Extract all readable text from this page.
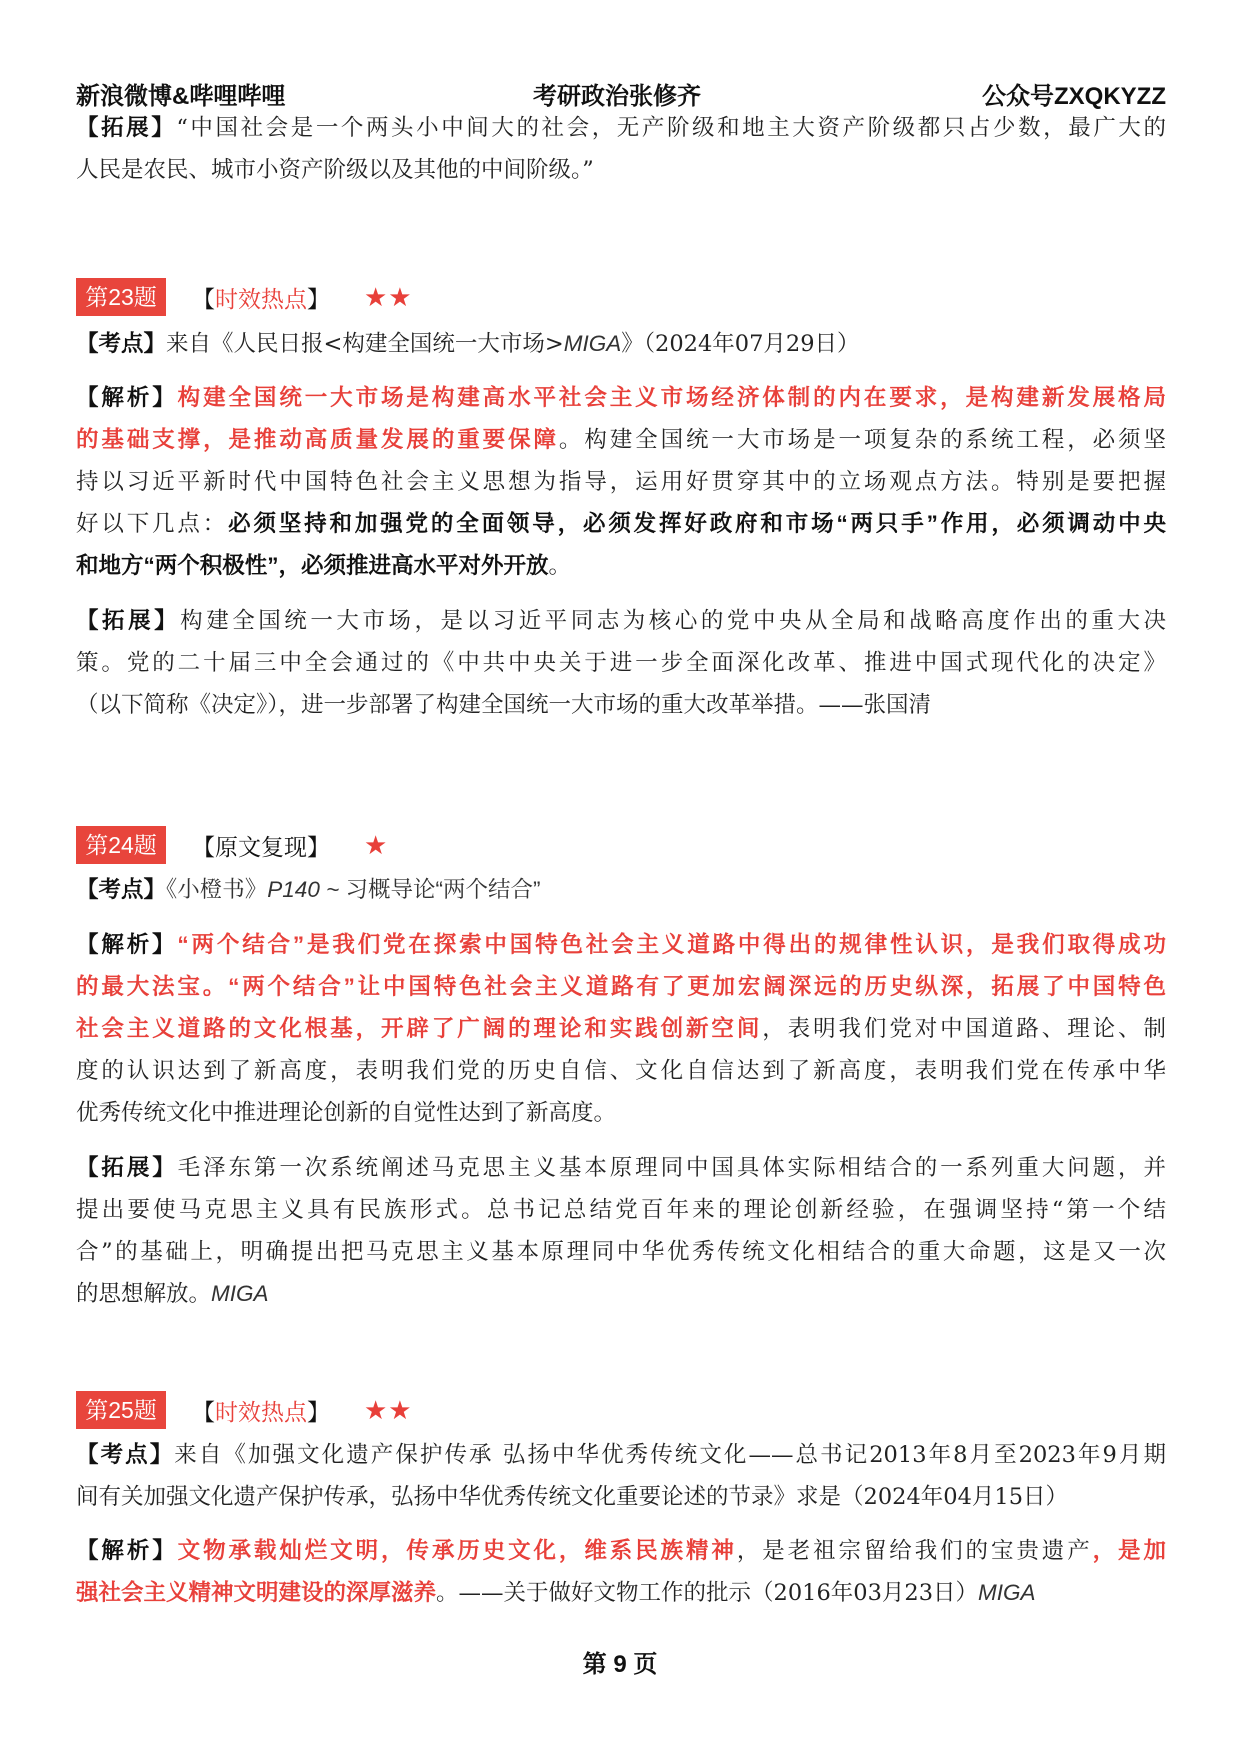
新浪微博&哔哩哔哩	考研政治张修齐	公众号ZXQKYZZ
【拓展】“中国社会是一个两头小中间大的社会，无产阶级和地主大资产阶级都只占少数，最广大的
人民是农民、城市小资产阶级以及其他的中间阶级。”
【考点】来自《人民日报<构建全国统一大市场>MIGA》（2024年07月29日）
【解析】构建全国统一大市场是构建高水平社会主义市场经济体制的内在要求，是构建新发展格局
的基础支撑，是推动高质量发展的重要保障。构建全国统一大市场是一项复杂的系统工程，必须坚
持以习近平新时代中国特色社会主义思想为指导，运用好贯穿其中的立场观点方法。特别是要把握
好以下几点：必须坚持和加强党的全面领导，必须发挥好政府和市场“两只手”作用，必须调动中央
和地方“两个积极性”，必须推进高水平对外开放。
【拓展】构建全国统一大市场，是以习近平同志为核心的党中央从全局和战略高度作出的重大决
策。党的二十届三中全会通过的《中共中央关于进一步全面深化改革、推进中国式现代化的决定》
（以下简称《决定》），进一步部署了构建全国统一大市场的重大改革举措。——张国清
【考点】《小橙书》P140 ~ 习概导论“两个结合”
【解析】“两个结合”是我们党在探索中国特色社会主义道路中得出的规律性认识，是我们取得成功
的最大法宝。“两个结合”让中国特色社会主义道路有了更加宏阔深远的历史纵深，拓展了中国特色
社会主义道路的文化根基，开辟了广阔的理论和实践创新空间，表明我们党对中国道路、理论、制
度的认识达到了新高度，表明我们党的历史自信、文化自信达到了新高度，表明我们党在传承中华
优秀传统文化中推进理论创新的自觉性达到了新高度。
【拓展】毛泽东第一次系统阐述马克思主义基本原理同中国具体实际相结合的一系列重大问题，并
提出要使马克思主义具有民族形式。总书记总结党百年来的理论创新经验，在强调坚持“第一个结
合”的基础上，明确提出把马克思主义基本原理同中华优秀传统文化相结合的重大命题，这是又一次
的思想解放。MIGA
【考点】来自《加强文化遗产保护传承 弘扬中华优秀传统文化——总书记2013年8月至2023年9月期
间有关加强文化遗产保护传承，弘扬中华优秀传统文化重要论述的节录》求是（2024年04月15日）
【解析】文物承载灿烂文明，传承历史文化，维系民族精神，是老祖宗留给我们的宝贵遗产，是加
强社会主义精神文明建设的深厚滋养。——关于做好文物工作的批示（2016年03月23日）MIGA
第23题	【时效热点】 ★★
第24题	【原文复现】 ★
第25题	【时效热点】 ★★
第 9 页
